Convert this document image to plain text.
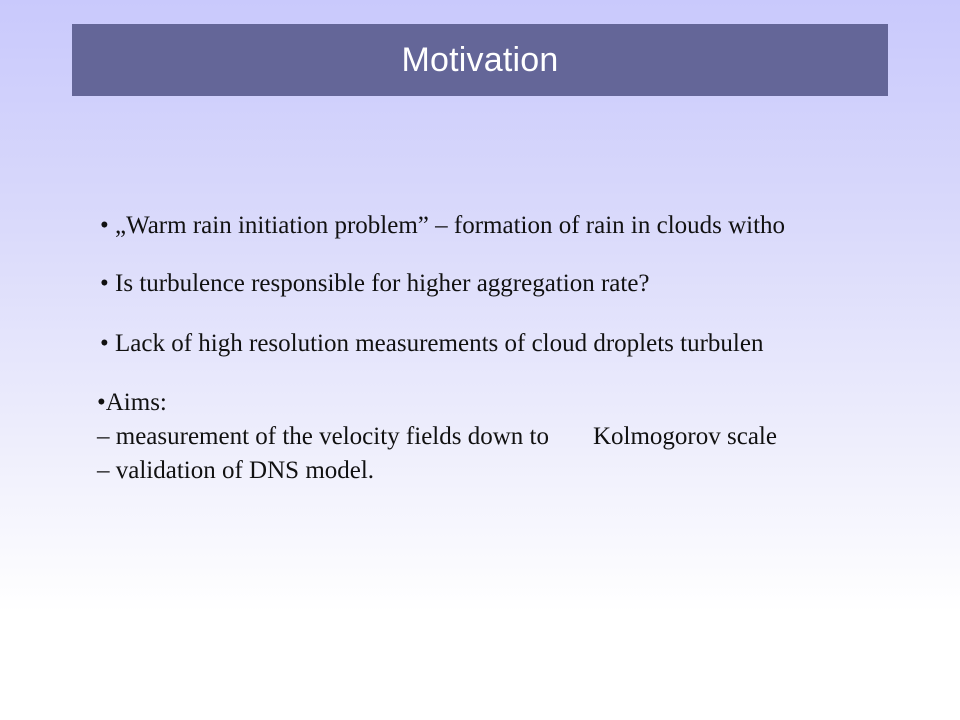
Motivation
• „Warm rain initiation problem” – formation of rain in clouds witho
• Is turbulence responsible for higher aggregation rate?
• Lack of high resolution measurements of cloud droplets turbulen
•Aims:
– measurement of the velocity fields down to Kolmogorov scale
– validation of DNS model.
